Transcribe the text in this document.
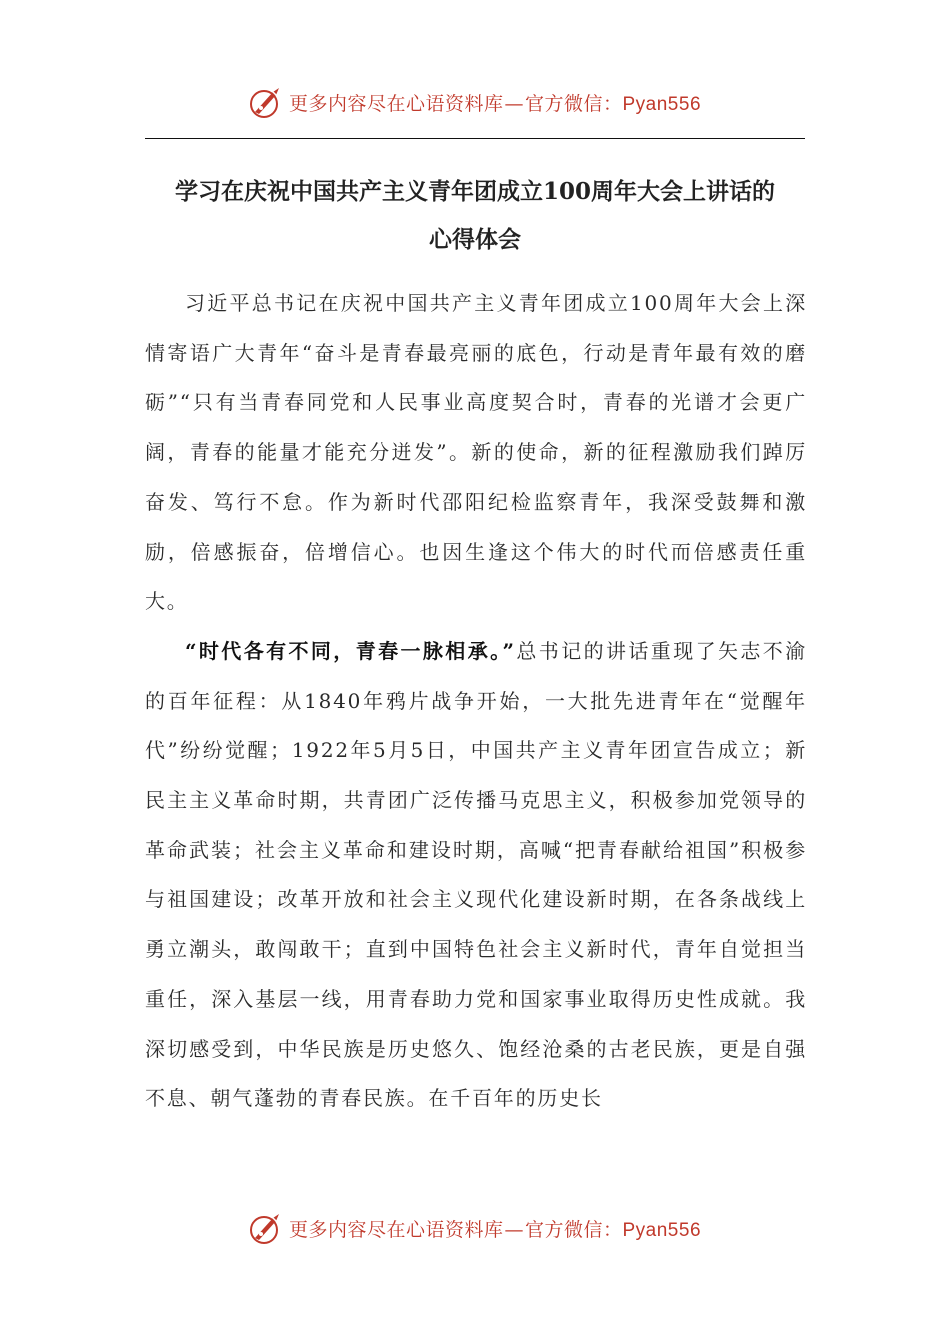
更多内容尽在心语资料库—官方微信：Pyan556
学习在庆祝中国共产主义青年团成立100周年大会上讲话的
心得体会

习近平总书记在庆祝中国共产主义青年团成立100周年大会上深情寄语广大青年“奋斗是青春最亮丽的底色，行动是青年最有效的磨砺”“只有当青春同党和人民事业高度契合时，青春的光谱才会更广阔，青春的能量才能充分迸发”。新的使命，新的征程激励我们踔厉奋发、笃行不怠。作为新时代邵阳纪检监察青年，我深受鼓舞和激励，倍感振奋，倍增信心。也因生逢这个伟大的时代而倍感责任重大。

“时代各有不同，青春一脉相承。”总书记的讲话重现了矢志不渝的百年征程：从1840年鸦片战争开始，一大批先进青年在“觉醒年代”纷纷觉醒；1922年5月5日，中国共产主义青年团宣告成立；新民主主义革命时期，共青团广泛传播马克思主义，积极参加党领导的革命武装；社会主义革命和建设时期，高喊“把青春献给祖国”积极参与祖国建设；改革开放和社会主义现代化建设新时期，在各条战线上勇立潮头，敢闯敢干；直到中国特色社会主义新时代，青年自觉担当重任，深入基层一线，用青春助力党和国家事业取得历史性成就。我深切感受到，中华民族是历史悠久、饱经沧桑的古老民族，更是自强不息、朝气蓬勃的青春民族。在千百年的历史长

更多内容尽在心语资料库—官方微信：Pyan556
